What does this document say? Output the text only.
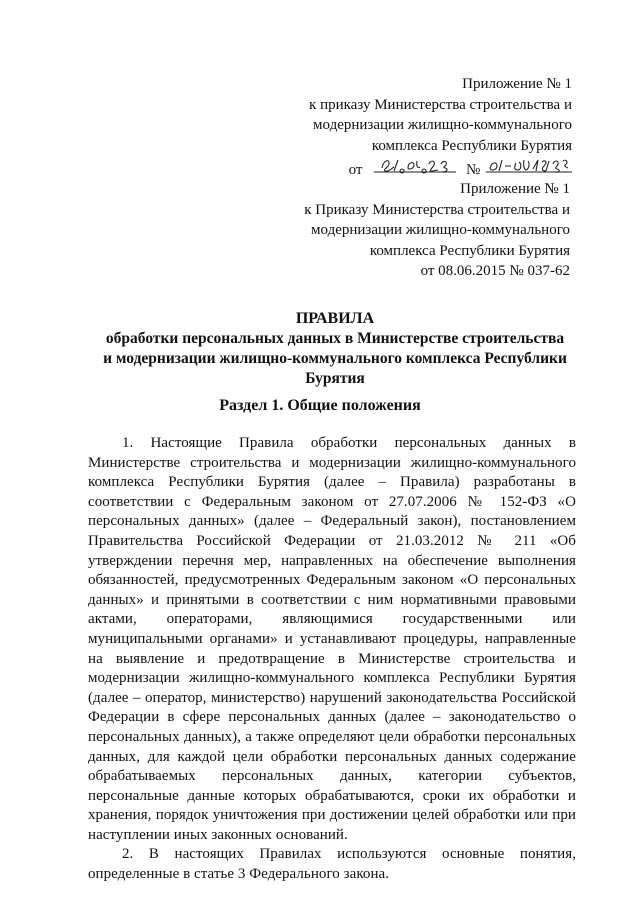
Приложение № 1
к приказу Министерства строительства и
модернизации жилищно-коммунального
комплекса Республики Бурятия
от	№
Приложение № 1
к Приказу Министерства строительства и
модернизации жилищно-коммунального
комплекса Республики Бурятия
от 08.06.2015 № 037-62
ПРАВИЛА
обработки персональных данных в Министерстве строительства и модернизации жилищно-коммунального комплекса Республики Бурятия
Раздел 1. Общие положения

1. Настоящие Правила обработки персональных данных в Министерстве строительства и модернизации жилищно-коммунального комплекса Республики Бурятия (далее – Правила) разработаны в соответствии с Федеральным законом от 27.07.2006 № 152-ФЗ «О персональных данных» (далее – Федеральный закон), постановлением Правительства Российской Федерации от 21.03.2012 № 211 «Об утверждении перечня мер, направленных на обеспечение выполнения обязанностей, предусмотренных Федеральным законом «О персональных данных» и принятыми в соответствии с ним нормативными правовыми актами, операторами, являющимися государственными или муниципальными органами» и устанавливают процедуры, направленные на выявление и предотвращение в Министерстве строительства и модернизации жилищно-коммунального комплекса Республики Бурятия (далее – оператор, министерство) нарушений законодательства Российской Федерации в сфере персональных данных (далее – законодательство о персональных данных), а также определяют цели обработки персональных данных, для каждой цели обработки персональных данных содержание обрабатываемых персональных данных, категории субъектов, персональные данные которых обрабатываются, сроки их обработки и хранения, порядок уничтожения при достижении целей обработки или при наступлении иных законных оснований.

2. В настоящих Правилах используются основные понятия, определенные в статье 3 Федерального закона.
